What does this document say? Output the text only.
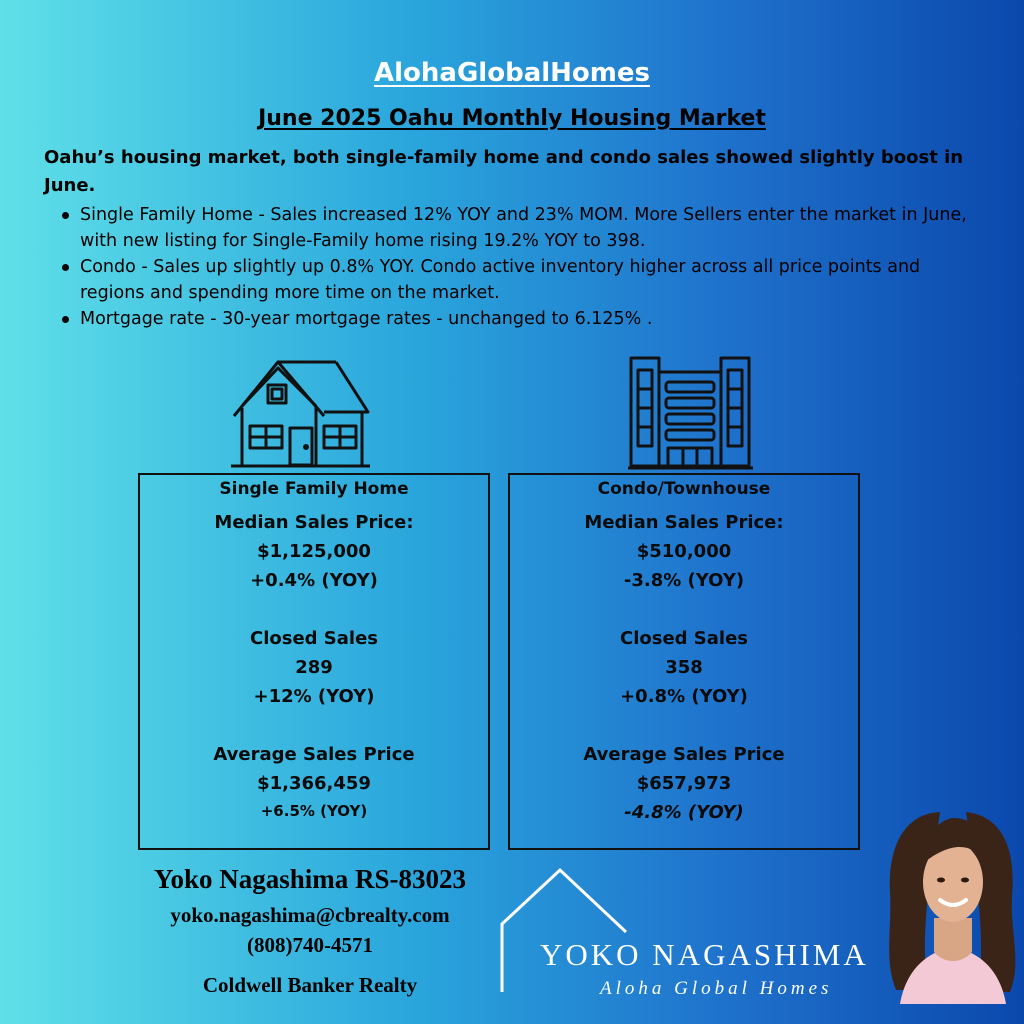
AlohaGlobalHomes
June 2025 Oahu Monthly Housing Market
Oahu’s housing market, both single-family home and condo sales showed slightly boost in June.
Single Family Home - Sales increased 12% YOY and 23% MOM. More Sellers enter the market in June, with new listing for Single-Family home rising 19.2% YOY to 398.
Condo - Sales up slightly up 0.8% YOY. Condo active inventory higher across all price points and regions and spending more time on the market.
Mortgage rate - 30-year mortgage rates - unchanged to 6.125% .
Single Family Home
Median Sales Price:
$1,125,000
+0.4% (YOY)
Closed Sales
289
+12% (YOY)
Average Sales Price
$1,366,459
+6.5% (YOY)
Condo/Townhouse
Median Sales Price:
$510,000
-3.8% (YOY)
Closed Sales
358
+0.8% (YOY)
Average Sales Price
$657,973
-4.8% (YOY)
Yoko Nagashima RS-83023
yoko.nagashima@cbrealty.com
(808)740-4571
Coldwell Banker Realty
YOKO NAGASHIMA
Aloha Global Homes
